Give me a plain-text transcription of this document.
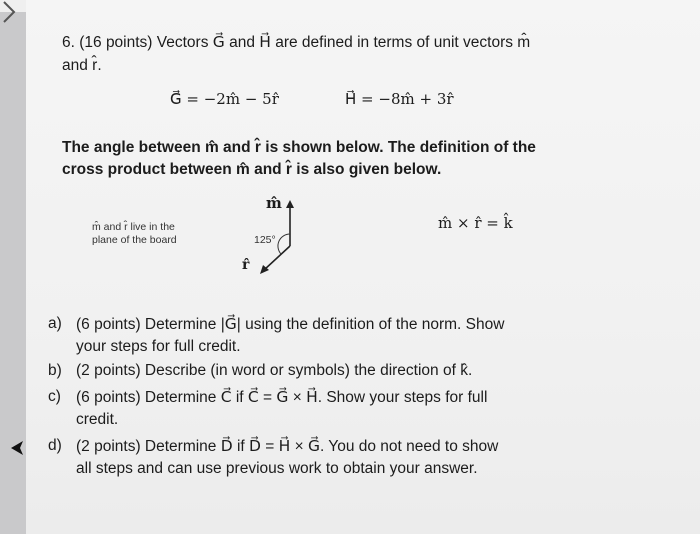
6. (16 points) Vectors G⃗ and H⃗ are defined in terms of unit vectors m̂
and r̂.
G⃗ = −2m̂ − 5r̂	H⃗ = −8m̂ + 3r̂
The angle between m̂ and r̂ is shown below. The definition of the
cross product between m̂ and r̂ is also given below.
m̂ and r̂ live in the
plane of the board
m̂
r̂
125°
m̂ × r̂ = k̂
a) (6 points) Determine |G⃗| using the definition of the norm. Show
your steps for full credit.
b) (2 points) Describe (in word or symbols) the direction of k̂.
c) (6 points) Determine C⃗ if C⃗ = G⃗ × H⃗. Show your steps for full
credit.
d) (2 points) Determine D⃗ if D⃗ = H⃗ × G⃗. You do not need to show
all steps and can use previous work to obtain your answer.
